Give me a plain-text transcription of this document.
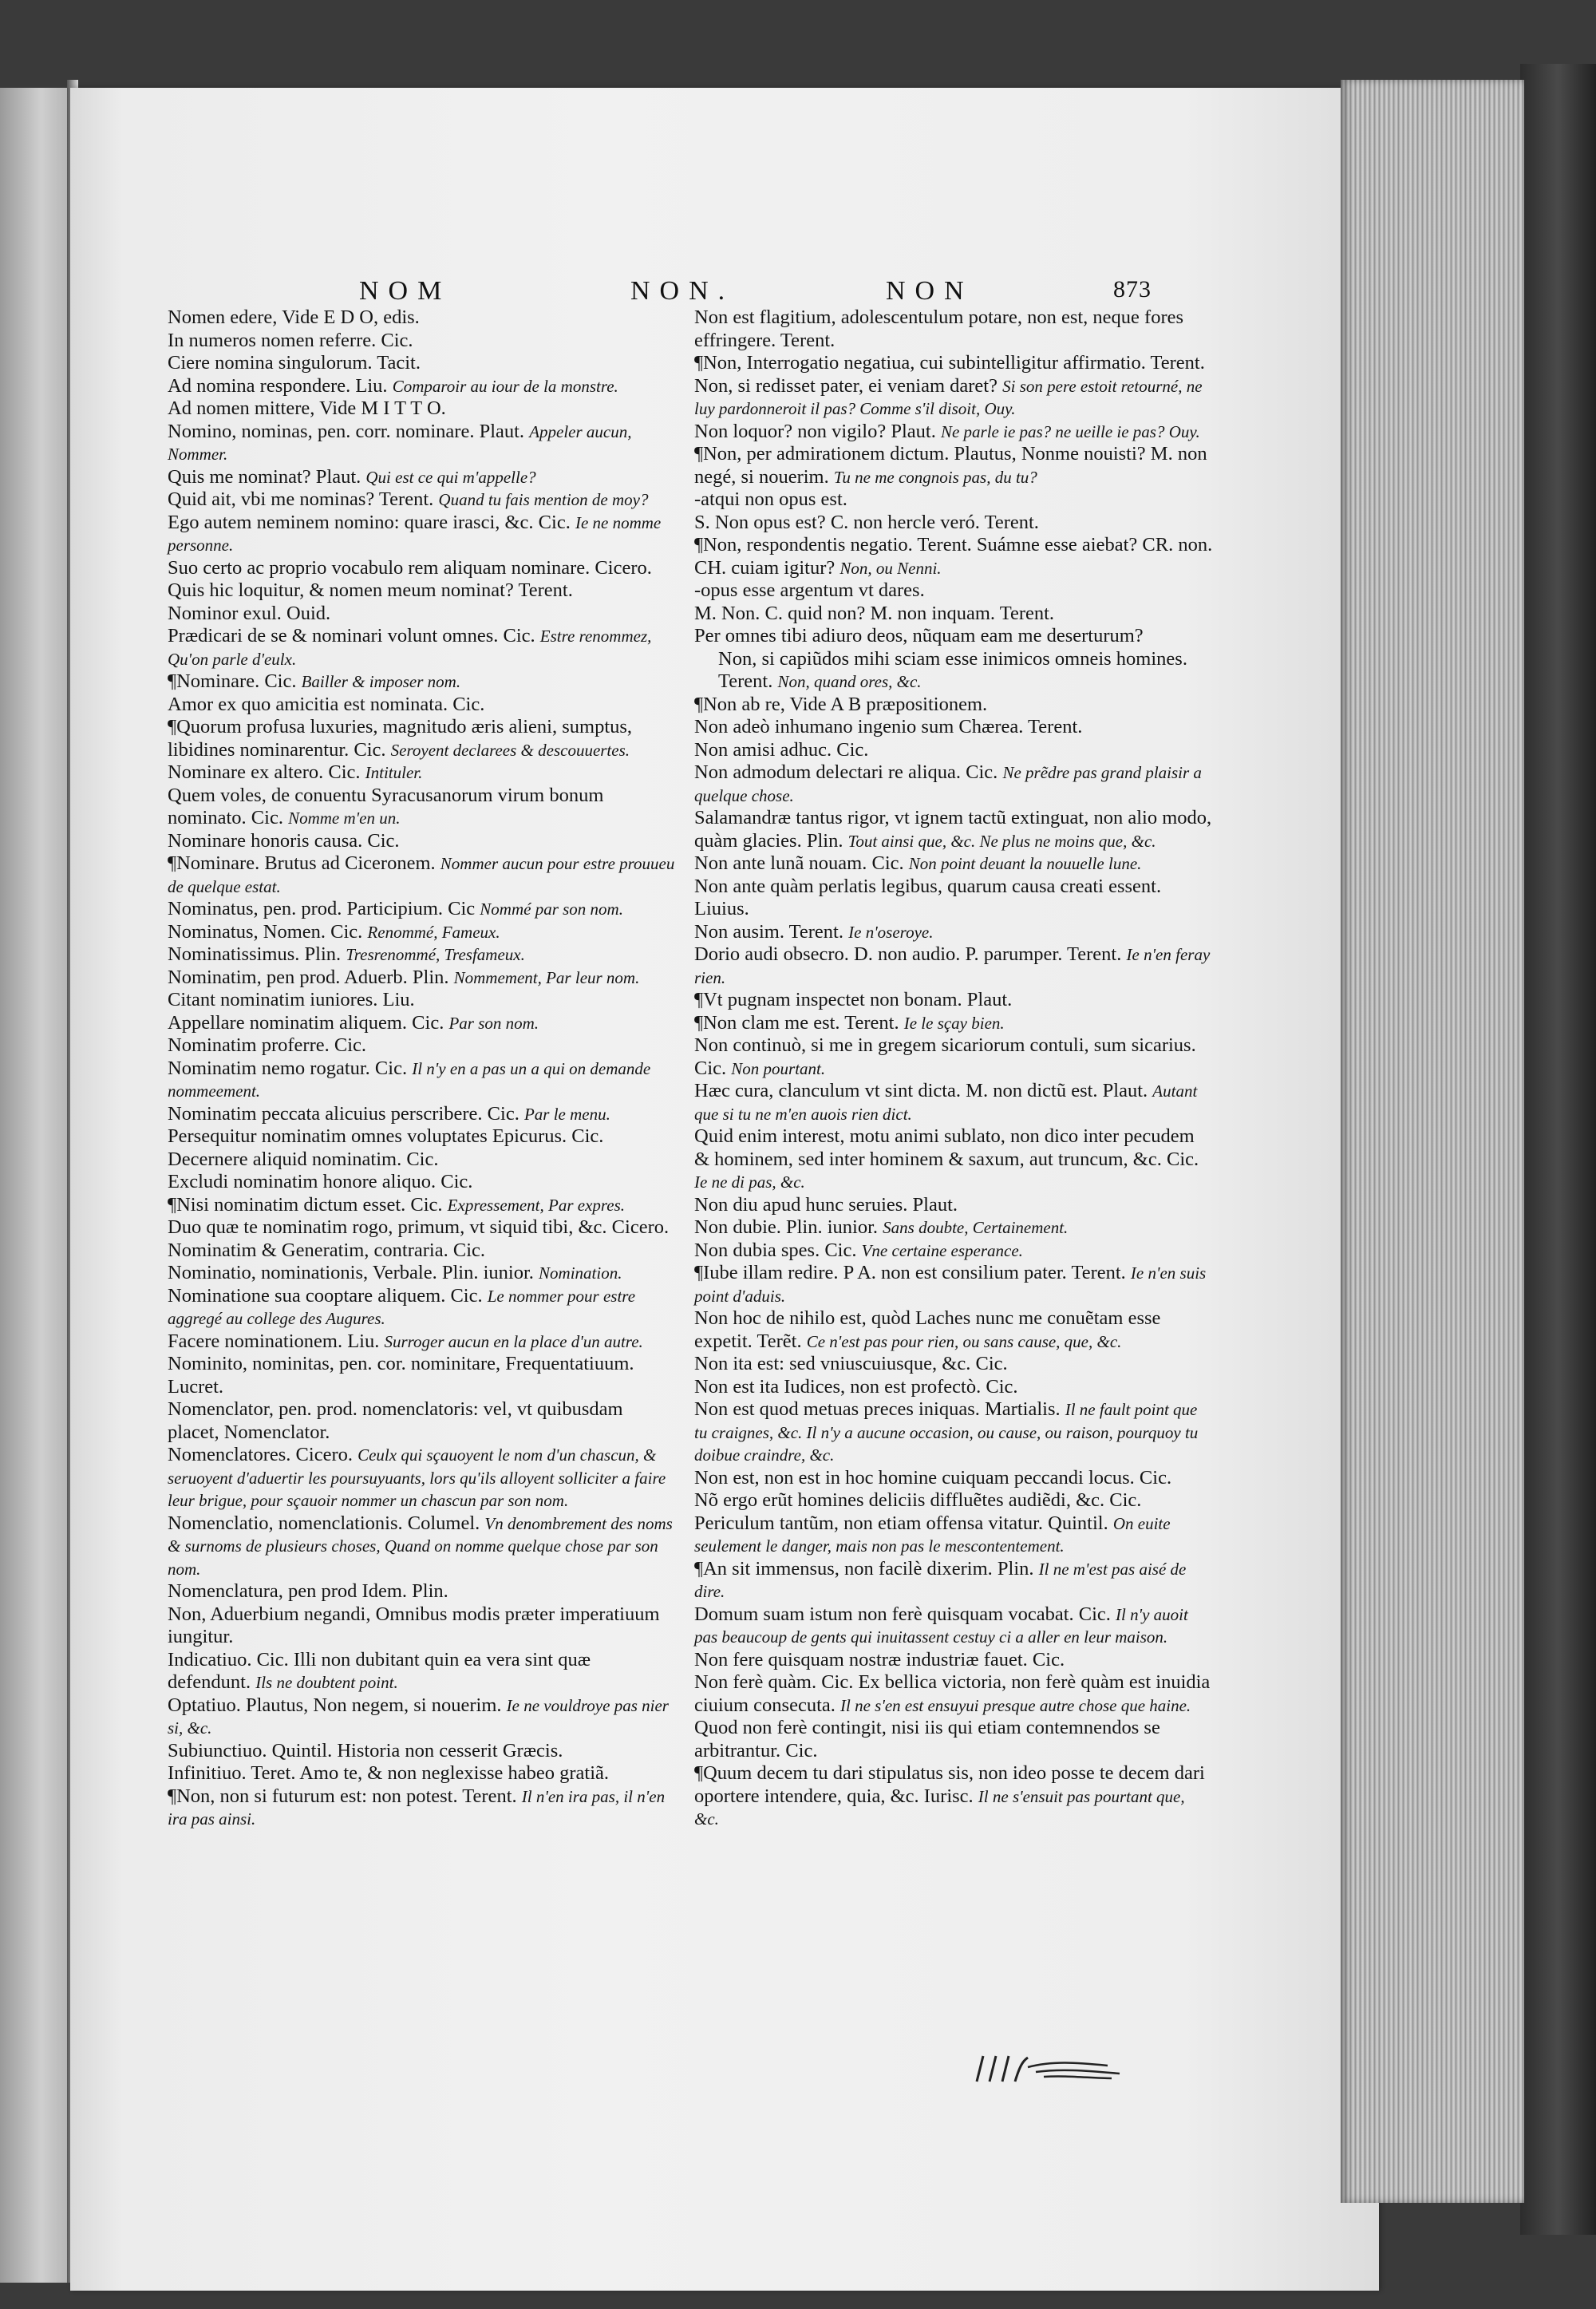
NOM	NON.	NON	873

Nomen edere, Vide E D O, edis.

In numeros nomen referre. Cic.

Ciere nomina singulorum. Tacit.

Ad nomina respondere. Liu. Comparoir au iour de la monstre.

Ad nomen mittere, Vide M I T T O.

Nomino, nominas, pen. corr. nominare. Plaut. Appeler aucun, Nommer.

Quis me nominat? Plaut. Qui est ce qui m'appelle?

Quid ait, vbi me nominas? Terent. Quand tu fais mention de moy?

Ego autem neminem nomino: quare irasci, &c. Cic. Ie ne nomme personne.

Suo certo ac proprio vocabulo rem aliquam nominare. Cicero.

Quis hic loquitur, & nomen meum nominat? Terent.

Nominor exul. Ouid.

Prædicari de se & nominari volunt omnes. Cic. Estre renommez, Qu'on parle d'eulx.

¶Nominare. Cic. Bailler & imposer nom.

Amor ex quo amicitia est nominata. Cic.

¶Quorum profusa luxuries, magnitudo æris alieni, sumptus, libidines nominarentur. Cic. Seroyent declarees & descouuertes.

Nominare ex altero. Cic. Intituler.

Quem voles, de conuentu Syracusanorum virum bonum nominato. Cic. Nomme m'en un.

Nominare honoris causa. Cic.

¶Nominare. Brutus ad Ciceronem. Nommer aucun pour estre prouueu de quelque estat.

Nominatus, pen. prod. Participium. Cic Nommé par son nom.

Nominatus, Nomen. Cic. Renommé, Fameux.

Nominatissimus. Plin. Tresrenommé, Tresfameux.

Nominatim, pen prod. Aduerb. Plin. Nommement, Par leur nom.

Citant nominatim iuniores. Liu.

Appellare nominatim aliquem. Cic. Par son nom.

Nominatim proferre. Cic.

Nominatim nemo rogatur. Cic. Il n'y en a pas un a qui on demande nommeement.

Nominatim peccata alicuius perscribere. Cic. Par le menu.

Persequitur nominatim omnes voluptates Epicurus. Cic.

Decernere aliquid nominatim. Cic.

Excludi nominatim honore aliquo. Cic.

¶Nisi nominatim dictum esset. Cic. Expressement, Par expres.

Duo quæ te nominatim rogo, primum, vt siquid tibi, &c. Cicero.

Nominatim & Generatim, contraria. Cic.

Nominatio, nominationis, Verbale. Plin. iunior. Nomination.

Nominatione sua cooptare aliquem. Cic. Le nommer pour estre aggregé au college des Augures.

Facere nominationem. Liu. Surroger aucun en la place d'un autre.

Nominito, nominitas, pen. cor. nominitare, Frequentatiuum. Lucret.

Nomenclator, pen. prod. nomenclatoris: vel, vt quibusdam placet, Nomenclator.

Nomenclatores. Cicero. Ceulx qui sçauoyent le nom d'un chascun, & seruoyent d'aduertir les poursuyuants, lors qu'ils alloyent solliciter a faire leur brigue, pour sçauoir nommer un chascun par son nom.

Nomenclatio, nomenclationis. Columel. Vn denombrement des noms & surnoms de plusieurs choses, Quand on nomme quelque chose par son nom.

Nomenclatura, pen prod Idem. Plin.

Non, Aduerbium negandi, Omnibus modis præter imperatiuum iungitur.

Indicatiuo. Cic. Illi non dubitant quin ea vera sint quæ defendunt. Ils ne doubtent point.

Optatiuo. Plautus, Non negem, si nouerim. Ie ne vouldroye pas nier si, &c.

Subiunctiuo. Quintil. Historia non cesserit Græcis.

Infinitiuo. Teret. Amo te, & non neglexisse habeo gratiã.

¶Non, non si futurum est: non potest. Terent. Il n'en ira pas, il n'en ira pas ainsi.

Non est flagitium, adolescentulum potare, non est, neque fores effringere. Terent.

¶Non, Interrogatio negatiua, cui subintelligitur affirmatio. Terent. Non, si redisset pater, ei veniam daret? Si son pere estoit retourné, ne luy pardonneroit il pas? Comme s'il disoit, Ouy.

Non loquor? non vigilo? Plaut. Ne parle ie pas? ne ueille ie pas? Ouy.

¶Non, per admirationem dictum. Plautus, Nonme nouisti? M. non negé, si nouerim. Tu ne me congnois pas, du tu?

-atqui non opus est.

S. Non opus est? C. non hercle veró. Terent.

¶Non, respondentis negatio. Terent. Suámne esse aiebat? CR. non. CH. cuiam igitur? Non, ou Nenni.

-opus esse argentum vt dares.

M. Non. C. quid non? M. non inquam. Terent.

Per omnes tibi adiuro deos, nũquam eam me deserturum?

Non, si capiũdos mihi sciam esse inimicos omneis homines. Terent. Non, quand ores, &c.

¶Non ab re, Vide A B præpositionem.

Non adeò inhumano ingenio sum Chærea. Terent.

Non amisi adhuc. Cic.

Non admodum delectari re aliqua. Cic. Ne prẽdre pas grand plaisir a quelque chose.

Salamandræ tantus rigor, vt ignem tactũ extinguat, non alio modo, quàm glacies. Plin. Tout ainsi que, &c. Ne plus ne moins que, &c.

Non ante lunã nouam. Cic. Non point deuant la nouuelle lune.

Non ante quàm perlatis legibus, quarum causa creati essent. Liuius.

Non ausim. Terent. Ie n'oseroye.

Dorio audi obsecro. D. non audio. P. parumper. Terent. Ie n'en feray rien.

¶Vt pugnam inspectet non bonam. Plaut.

¶Non clam me est. Terent. Ie le sçay bien.

Non continuò, si me in gregem sicariorum contuli, sum sicarius. Cic. Non pourtant.

Hæc cura, clanculum vt sint dicta. M. non dictũ est. Plaut. Autant que si tu ne m'en auois rien dict.

Quid enim interest, motu animi sublato, non dico inter pecudem & hominem, sed inter hominem & saxum, aut truncum, &c. Cic. Ie ne di pas, &c.

Non diu apud hunc seruies. Plaut.

Non dubie. Plin. iunior. Sans doubte, Certainement.

Non dubia spes. Cic. Vne certaine esperance.

¶Iube illam redire. P A. non est consilium pater. Terent. Ie n'en suis point d'aduis.

Non hoc de nihilo est, quòd Laches nunc me conuẽtam esse expetit. Terẽt. Ce n'est pas pour rien, ou sans cause, que, &c.

Non ita est: sed vniuscuiusque, &c. Cic.

Non est ita Iudices, non est profectò. Cic.

Non est quod metuas preces iniquas. Martialis. Il ne fault point que tu craignes, &c. Il n'y a aucune occasion, ou cause, ou raison, pourquoy tu doibue craindre, &c.

Non est, non est in hoc homine cuiquam peccandi locus. Cic.

Nõ ergo erũt homines deliciis diffluẽtes audiẽdi, &c. Cic.

Periculum tantũm, non etiam offensa vitatur. Quintil. On euite seulement le danger, mais non pas le mescontentement.

¶An sit immensus, non facilè dixerim. Plin. Il ne m'est pas aisé de dire.

Domum suam istum non ferè quisquam vocabat. Cic. Il n'y auoit pas beaucoup de gents qui inuitassent cestuy ci a aller en leur maison.

Non fere quisquam nostræ industriæ fauet. Cic.

Non ferè quàm. Cic. Ex bellica victoria, non ferè quàm est inuidia ciuium consecuta. Il ne s'en est ensuyui presque autre chose que haine.

Quod non ferè contingit, nisi iis qui etiam contemnendos se arbitrantur. Cic.

¶Quum decem tu dari stipulatus sis, non ideo posse te decem dari oportere intendere, quia, &c. Iurisc. Il ne s'ensuit pas pourtant que, &c.
